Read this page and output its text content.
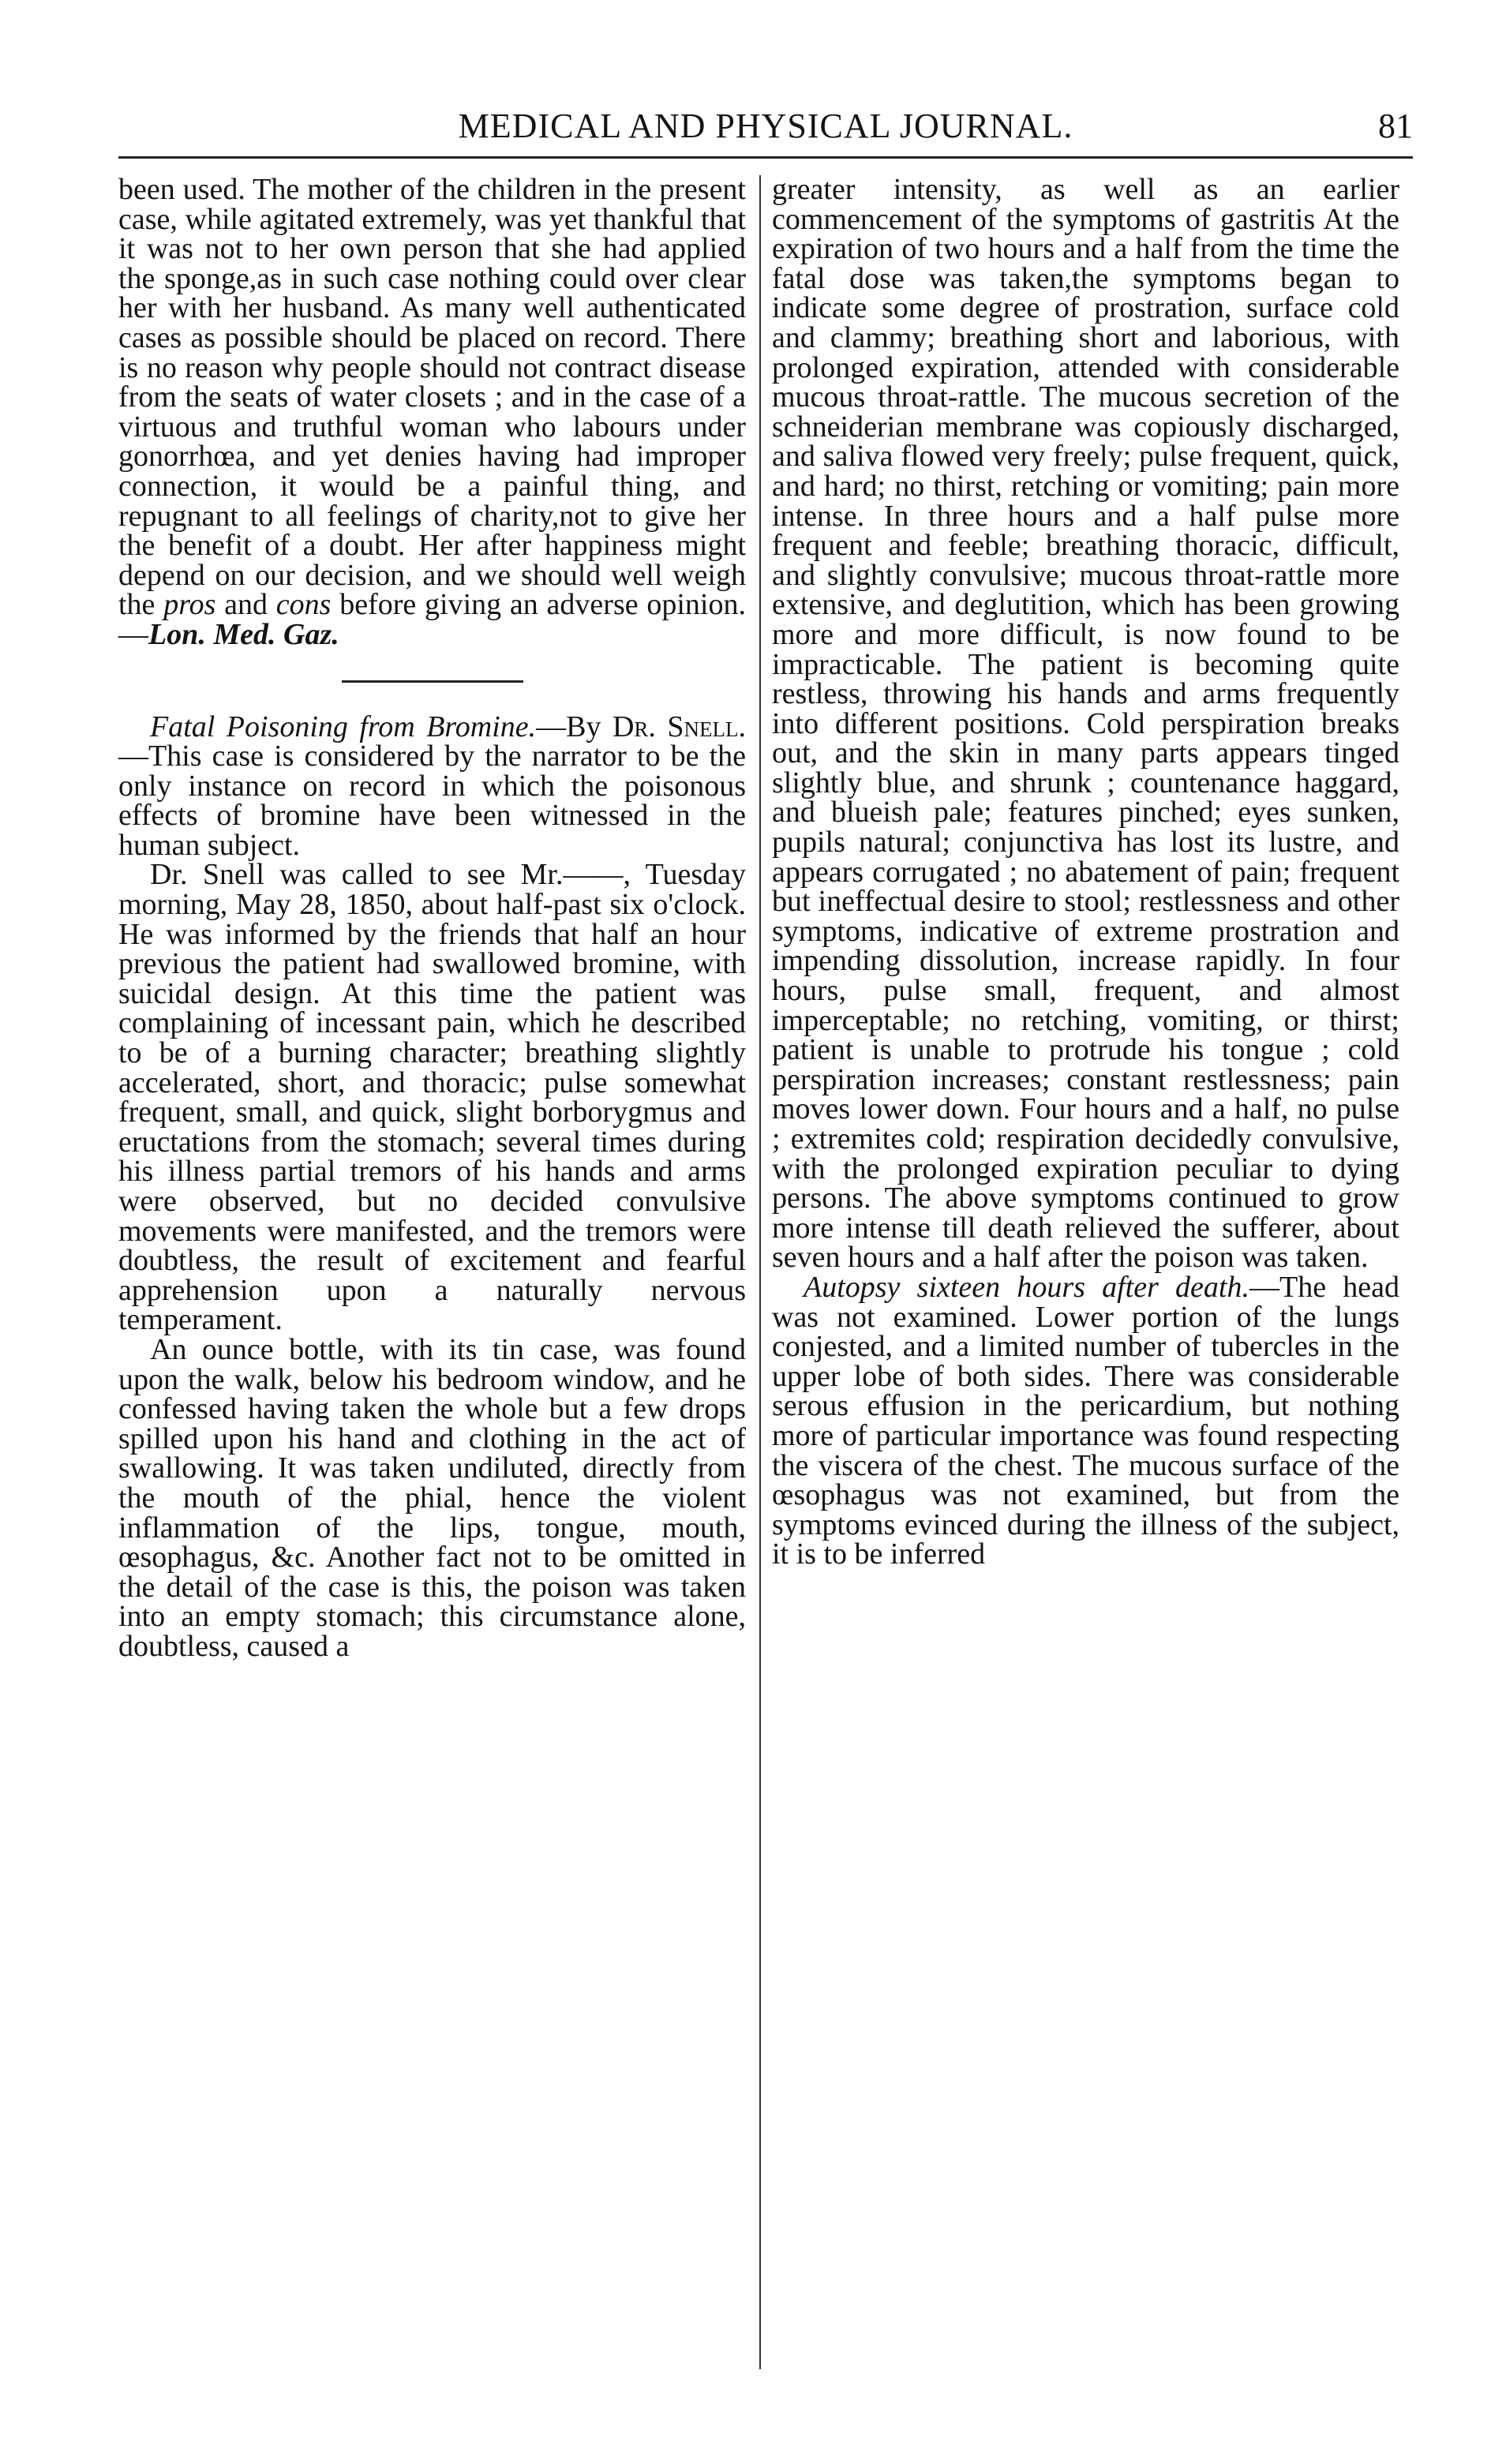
MEDICAL AND PHYSICAL JOURNAL.	81

been used. The mother of the children in the present case, while agitated extremely, was yet thankful that it was not to her own person that she had applied the sponge,as in such case nothing could over clear her with her husband. As many well authenticated cases as possible should be placed on record. There is no reason why people should not contract disease from the seats of water closets ; and in the case of a virtuous and truthful woman who labours under gonorrhœa, and yet denies having had improper connection, it would be a painful thing, and repugnant to all feelings of charity,not to give her the benefit of a doubt. Her after happiness might depend on our decision, and we should well weigh the pros and cons before giving an adverse opinion.—Lon. Med. Gaz.

Fatal Poisoning from Bromine.—By Dr. Snell.—This case is considered by the narrator to be the only instance on record in which the poisonous effects of bromine have been witnessed in the human subject.

Dr. Snell was called to see Mr.——, Tuesday morning, May 28, 1850, about half-past six o'clock. He was informed by the friends that half an hour previous the patient had swallowed bromine, with suicidal design. At this time the patient was complaining of incessant pain, which he described to be of a burning character; breathing slightly accelerated, short, and thoracic; pulse somewhat frequent, small, and quick, slight borborygmus and eructations from the stomach; several times during his illness partial tremors of his hands and arms were observed, but no decided convulsive movements were manifested, and the tremors were doubtless, the result of excitement and fearful apprehension upon a naturally nervous temperament.

An ounce bottle, with its tin case, was found upon the walk, below his bedroom window, and he confessed having taken the whole but a few drops spilled upon his hand and clothing in the act of swallowing. It was taken undiluted, directly from the mouth of the phial, hence the violent inflammation of the lips, tongue, mouth, œsophagus, &c. Another fact not to be omitted in the detail of the case is this, the poison was taken into an empty stomach; this circumstance alone, doubtless, caused a

greater intensity, as well as an earlier commencement of the symptoms of gastritis At the expiration of two hours and a half from the time the fatal dose was taken,the symptoms began to indicate some degree of prostration, surface cold and clammy; breathing short and laborious, with prolonged expiration, attended with considerable mucous throat-rattle. The mucous secretion of the schneiderian membrane was copiously discharged, and saliva flowed very freely; pulse frequent, quick, and hard; no thirst, retching or vomiting; pain more intense. In three hours and a half pulse more frequent and feeble; breathing thoracic, difficult, and slightly convulsive; mucous throat-rattle more extensive, and deglutition, which has been growing more and more difficult, is now found to be impracticable. The patient is becoming quite restless, throwing his hands and arms frequently into different positions. Cold perspiration breaks out, and the skin in many parts appears tinged slightly blue, and shrunk ; countenance haggard, and blueish pale; features pinched; eyes sunken, pupils natural; conjunctiva has lost its lustre, and appears corrugated ; no abatement of pain; frequent but ineffectual desire to stool; restlessness and other symptoms, indicative of extreme prostration and impending dissolution, increase rapidly. In four hours, pulse small, frequent, and almost imperceptable; no retching, vomiting, or thirst; patient is unable to protrude his tongue ; cold perspiration increases; constant restlessness; pain moves lower down. Four hours and a half, no pulse ; extremites cold; respiration decidedly convulsive, with the prolonged expiration peculiar to dying persons. The above symptoms continued to grow more intense till death relieved the sufferer, about seven hours and a half after the poison was taken.

Autopsy sixteen hours after death.—The head was not examined. Lower portion of the lungs conjested, and a limited number of tubercles in the upper lobe of both sides. There was considerable serous effusion in the pericardium, but nothing more of particular importance was found respecting the viscera of the chest. The mucous surface of the œsophagus was not examined, but from the symptoms evinced during the illness of the subject, it is to be inferred
